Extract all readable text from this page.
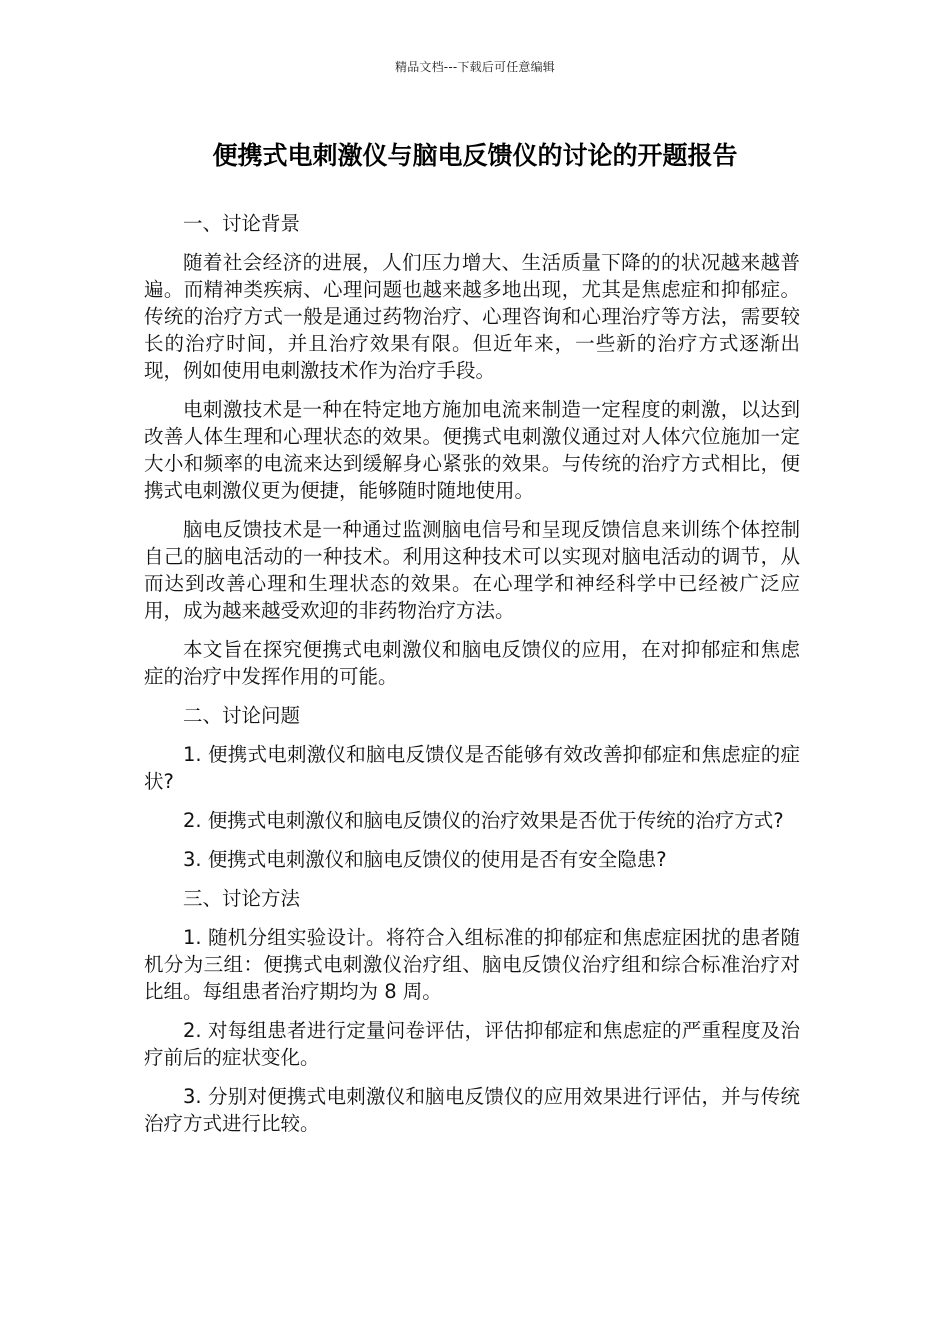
精品文档---下载后可任意编辑
便携式电刺激仪与脑电反馈仪的讨论的开题报告

一、讨论背景

随着社会经济的进展，人们压力增大、生活质量下降的的状况越来越普遍。而精神类疾病、心理问题也越来越多地出现，尤其是焦虑症和抑郁症。传统的治疗方式一般是通过药物治疗、心理咨询和心理治疗等方法，需要较长的治疗时间，并且治疗效果有限。但近年来，一些新的治疗方式逐渐出现，例如使用电刺激技术作为治疗手段。

电刺激技术是一种在特定地方施加电流来制造一定程度的刺激，以达到改善人体生理和心理状态的效果。便携式电刺激仪通过对人体穴位施加一定大小和频率的电流来达到缓解身心紧张的效果。与传统的治疗方式相比，便携式电刺激仪更为便捷，能够随时随地使用。

脑电反馈技术是一种通过监测脑电信号和呈现反馈信息来训练个体控制自己的脑电活动的一种技术。利用这种技术可以实现对脑电活动的调节，从而达到改善心理和生理状态的效果。在心理学和神经科学中已经被广泛应用，成为越来越受欢迎的非药物治疗方法。

本文旨在探究便携式电刺激仪和脑电反馈仪的应用，在对抑郁症和焦虑症的治疗中发挥作用的可能。

二、讨论问题

1. 便携式电刺激仪和脑电反馈仪是否能够有效改善抑郁症和焦虑症的症状?

2. 便携式电刺激仪和脑电反馈仪的治疗效果是否优于传统的治疗方式?

3. 便携式电刺激仪和脑电反馈仪的使用是否有安全隐患?

三、讨论方法

1. 随机分组实验设计。将符合入组标准的抑郁症和焦虑症困扰的患者随机分为三组：便携式电刺激仪治疗组、脑电反馈仪治疗组和综合标准治疗对比组。每组患者治疗期均为 8 周。

2. 对每组患者进行定量问卷评估，评估抑郁症和焦虑症的严重程度及治疗前后的症状变化。

3. 分别对便携式电刺激仪和脑电反馈仪的应用效果进行评估，并与传统治疗方式进行比较。
